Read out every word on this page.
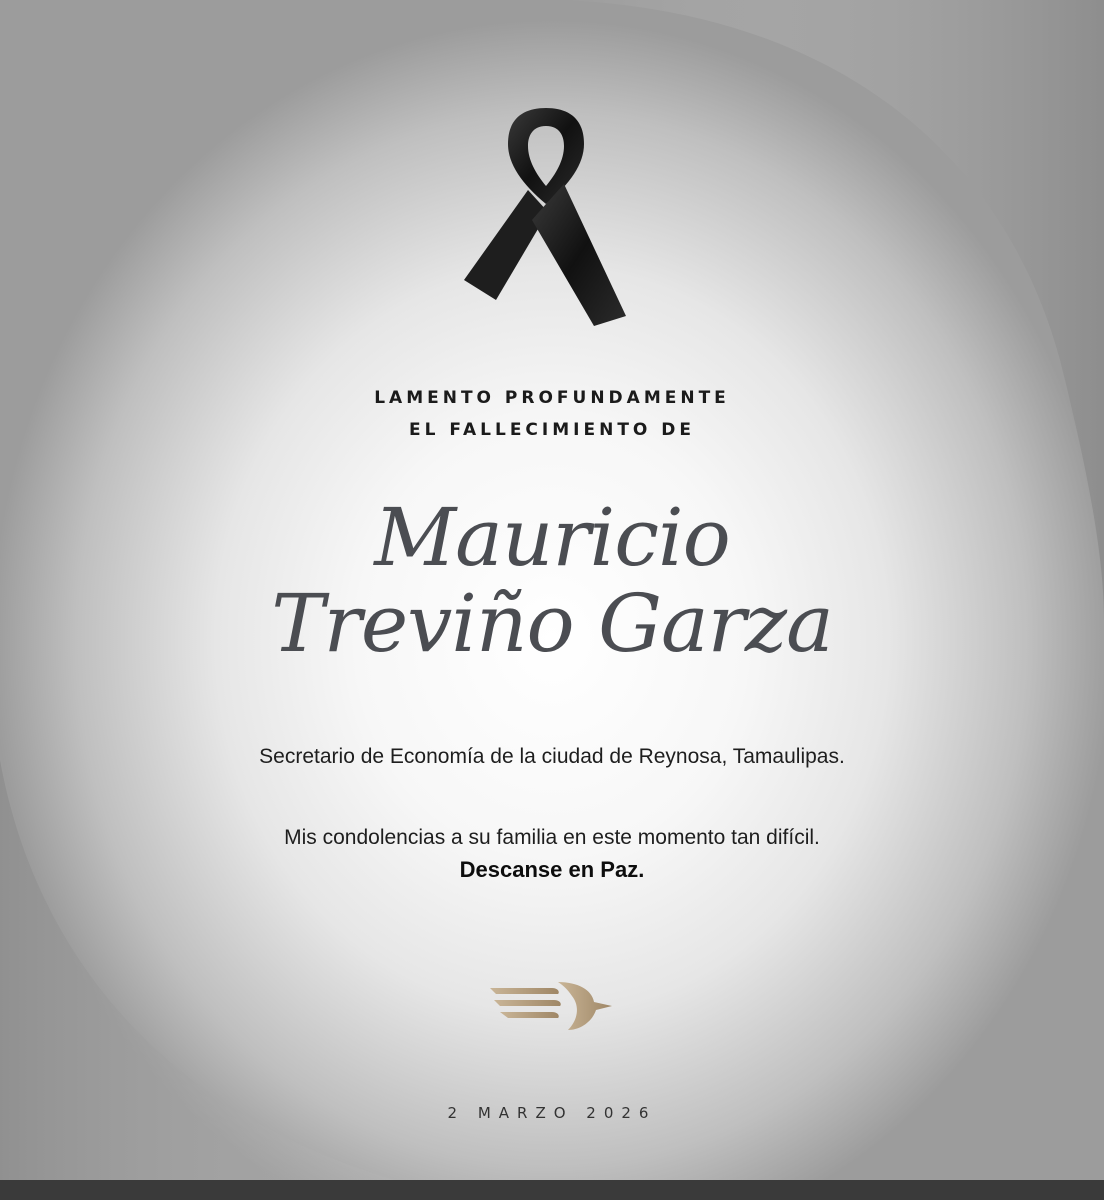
LAMENTO PROFUNDAMENTE
EL FALLECIMIENTO DE
Mauricio
Treviño Garza
Secretario de Economía de la ciudad de Reynosa, Tamaulipas.
Mis condolencias a su familia en este momento tan difícil.
Descanse en Paz.
2 MARZO 2026
